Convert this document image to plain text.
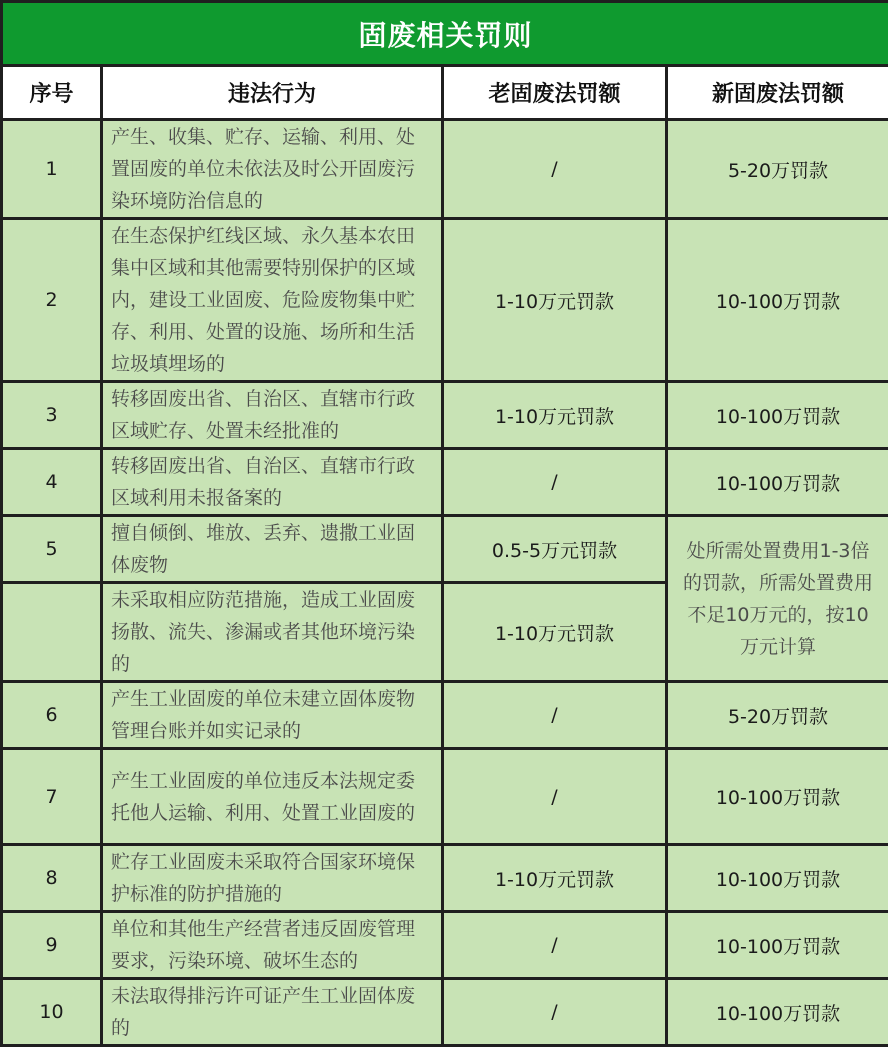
固废相关罚则			
序号	违法行为	老固废法罚额	新固废法罚额
1	产生、收集、贮存、运输、利用、处置固废的单位未依法及时公开固废污染环境防治信息的	/	5-20万罚款
2	在生态保护红线区域、永久基本农田集中区域和其他需要特别保护的区域内，建设工业固废、危险废物集中贮存、利用、处置的设施、场所和生活垃圾填埋场的	1-10万元罚款	10-100万罚款
3	转移固废出省、自治区、直辖市行政区域贮存、处置未经批准的	1-10万元罚款	10-100万罚款
4	转移固废出省、自治区、直辖市行政区域利用未报备案的	/	10-100万罚款
5	擅自倾倒、堆放、丢弃、遗撒工业固体废物	0.5-5万元罚款	处所需处置费用1-3倍的罚款，所需处置费用不足10万元的，按10万元计算
	未采取相应防范措施，造成工业固废扬散、流失、渗漏或者其他环境污染的	1-10万元罚款	
6	产生工业固废的单位未建立固体废物管理台账并如实记录的	/	5-20万罚款
7	产生工业固废的单位违反本法规定委托他人运输、利用、处置工业固废的	/	10-100万罚款
8	贮存工业固废未采取符合国家环境保护标准的防护措施的	1-10万元罚款	10-100万罚款
9	单位和其他生产经营者违反固废管理要求，污染环境、破坏生态的	/	10-100万罚款
10	未法取得排污许可证产生工业固体废的	/	10-100万罚款
